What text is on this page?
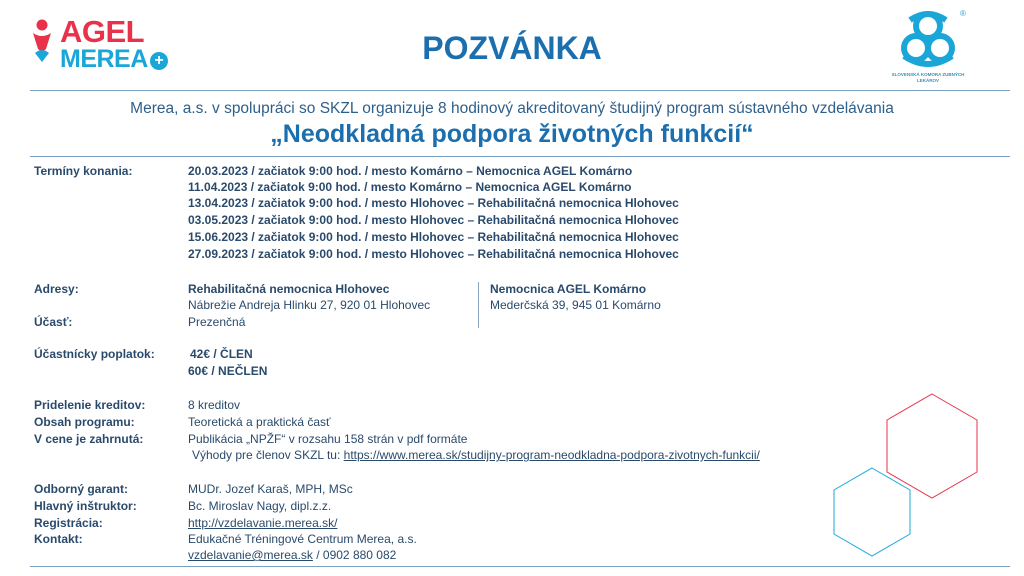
AGEL
MEREA +	POZVÁNKA
®
SLOVENSKÁ KOMORA ZUBNÝCH LEKÁROV
Merea, a.s. v spolupráci so SKZL organizuje 8 hodinový akreditovaný študijný program sústavného vzdelávania
„Neodkladná podpora životných funkcií“
Termíny konania:	20.03.2023 / začiatok 9:00 hod. / mesto Komárno – Nemocnica AGEL Komárno
11.04.2023 / začiatok 9:00 hod. / mesto Komárno – Nemocnica AGEL Komárno
13.04.2023 / začiatok 9:00 hod. / mesto Hlohovec – Rehabilitačná nemocnica Hlohovec
03.05.2023 / začiatok 9:00 hod. / mesto Hlohovec – Rehabilitačná nemocnica Hlohovec
15.06.2023 / začiatok 9:00 hod. / mesto Hlohovec – Rehabilitačná nemocnica Hlohovec
27.09.2023 / začiatok 9:00 hod. / mesto Hlohovec – Rehabilitačná nemocnica Hlohovec
Adresy:	Rehabilitačná nemocnica Hlohovec
Nábrežie Andreja Hlinku 27, 920 01 Hlohovec
Nemocnica AGEL Komárno
Mederčská 39, 945 01 Komárno
Účasť:	Prezenčná
Účastnícky poplatok:	42€ / ČLEN
60€ / NEČLEN
Pridelenie kreditov:	8 kreditov
Obsah programu:	Teoretická a praktická časť
V cene je zahrnutá:	Publikácia „NPŽF“ v rozsahu 158 strán v pdf formáte
Výhody pre členov SKZL tu: https://www.merea.sk/studijny-program-neodkladna-podpora-zivotnych-funkcii/
Odborný garant:	MUDr. Jozef Karaš, MPH, MSc
Hlavný inštruktor:	Bc. Miroslav Nagy, dipl.z.z.
Registrácia:	http://vzdelavanie.merea.sk/
Kontakt:	Edukačné Tréningové Centrum Merea, a.s.
vzdelavanie@merea.sk / 0902 880 082
